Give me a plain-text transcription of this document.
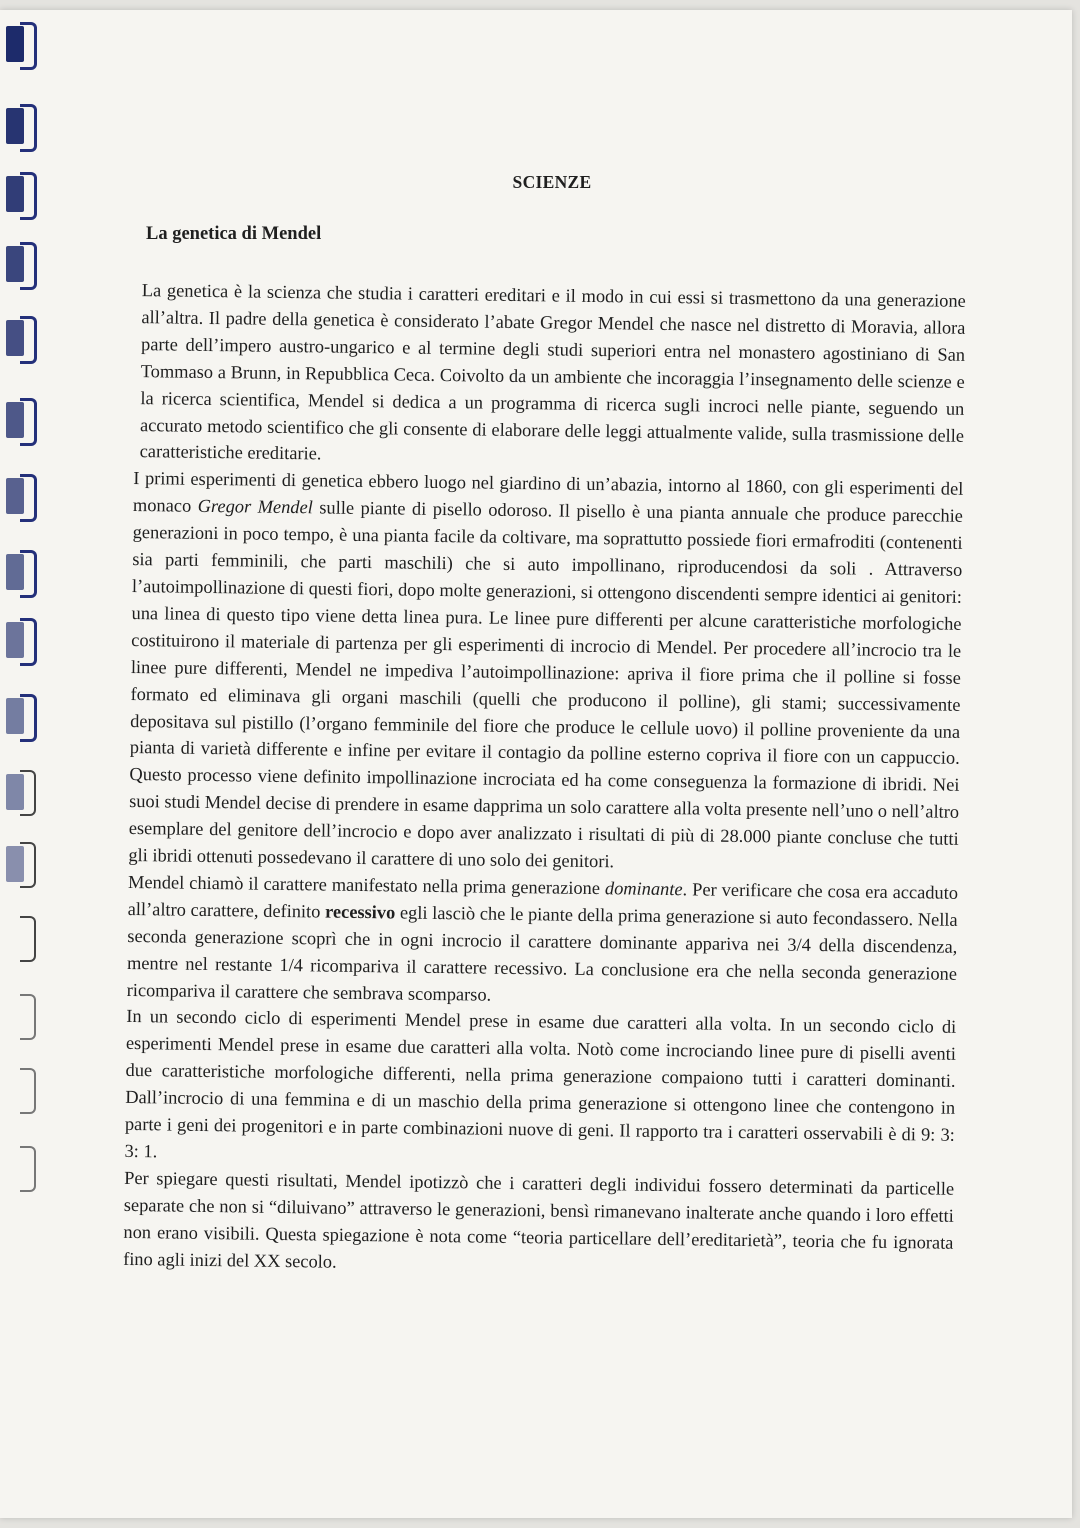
SCIENZE
La genetica di Mendel

La genetica è la scienza che studia i caratteri ereditari e il modo in cui essi si trasmettono da una generazione all’altra. Il padre della genetica è considerato l’abate Gregor Mendel che nasce nel distretto di Moravia, allora parte dell’impero austro-ungarico e al termine degli studi superiori entra nel monastero agostiniano di San Tommaso a Brunn, in Repubblica Ceca. Coivolto da un ambiente che incoraggia l’insegnamento delle scienze e la ricerca scientifica, Mendel si dedica a un programma di ricerca sugli incroci nelle piante, seguendo un accurato metodo scientifico che gli consente di elaborare delle leggi attualmente valide, sulla trasmissione delle caratteristiche ereditarie.

I primi esperimenti di genetica ebbero luogo nel giardino di un’abazia, intorno al 1860, con gli esperimenti del monaco Gregor Mendel sulle piante di pisello odoroso. Il pisello è una pianta annuale che produce parecchie generazioni in poco tempo, è una pianta facile da coltivare, ma soprattutto possiede fiori ermafroditi (contenenti sia parti femminili, che parti maschili) che si auto impollinano, riproducendosi da soli . Attraverso l’autoimpollinazione di questi fiori, dopo molte generazioni, si ottengono discendenti sempre identici ai genitori: una linea di questo tipo viene detta linea pura. Le linee pure differenti per alcune caratteristiche morfologiche costituirono il materiale di partenza per gli esperimenti di incrocio di Mendel. Per procedere all’incrocio tra le linee pure differenti, Mendel ne impediva l’autoimpollinazione: apriva il fiore prima che il polline si fosse formato ed eliminava gli organi maschili (quelli che producono il polline), gli stami; successivamente depositava sul pistillo (l’organo femminile del fiore che produce le cellule uovo) il polline proveniente da una pianta di varietà differente e infine per evitare il contagio da polline esterno copriva il fiore con un cappuccio. Questo processo viene definito impollinazione incrociata ed ha come conseguenza la formazione di ibridi. Nei suoi studi Mendel decise di prendere in esame dapprima un solo carattere alla volta presente nell’uno o nell’altro esemplare del genitore dell’incrocio e dopo aver analizzato i risultati di più di 28.000 piante concluse che tutti gli ibridi ottenuti possedevano il carattere di uno solo dei genitori.

Mendel chiamò il carattere manifestato nella prima generazione dominante. Per verificare che cosa era accaduto all’altro carattere, definito recessivo egli lasciò che le piante della prima generazione si auto fecondassero. Nella seconda generazione scoprì che in ogni incrocio il carattere dominante appariva nei 3/4 della discendenza, mentre nel restante 1/4 ricompariva il carattere recessivo. La conclusione era che nella seconda generazione ricompariva il carattere che sembrava scomparso.

In un secondo ciclo di esperimenti Mendel prese in esame due caratteri alla volta. In un secondo ciclo di esperimenti Mendel prese in esame due caratteri alla volta. Notò come incrociando linee pure di piselli aventi due caratteristiche morfologiche differenti, nella prima generazione compaiono tutti i caratteri dominanti. Dall’incrocio di una femmina e di un maschio della prima generazione si ottengono linee che contengono in parte i geni dei progenitori e in parte combinazioni nuove di geni. Il rapporto tra i caratteri osservabili è di 9: 3: 3: 1.

Per spiegare questi risultati, Mendel ipotizzò che i caratteri degli individui fossero determinati da particelle separate che non si “diluivano” attraverso le generazioni, bensì rimanevano inalterate anche quando i loro effetti non erano visibili. Questa spiegazione è nota come “teoria particellare dell’ereditarietà”, teoria che fu ignorata fino agli inizi del XX secolo.
